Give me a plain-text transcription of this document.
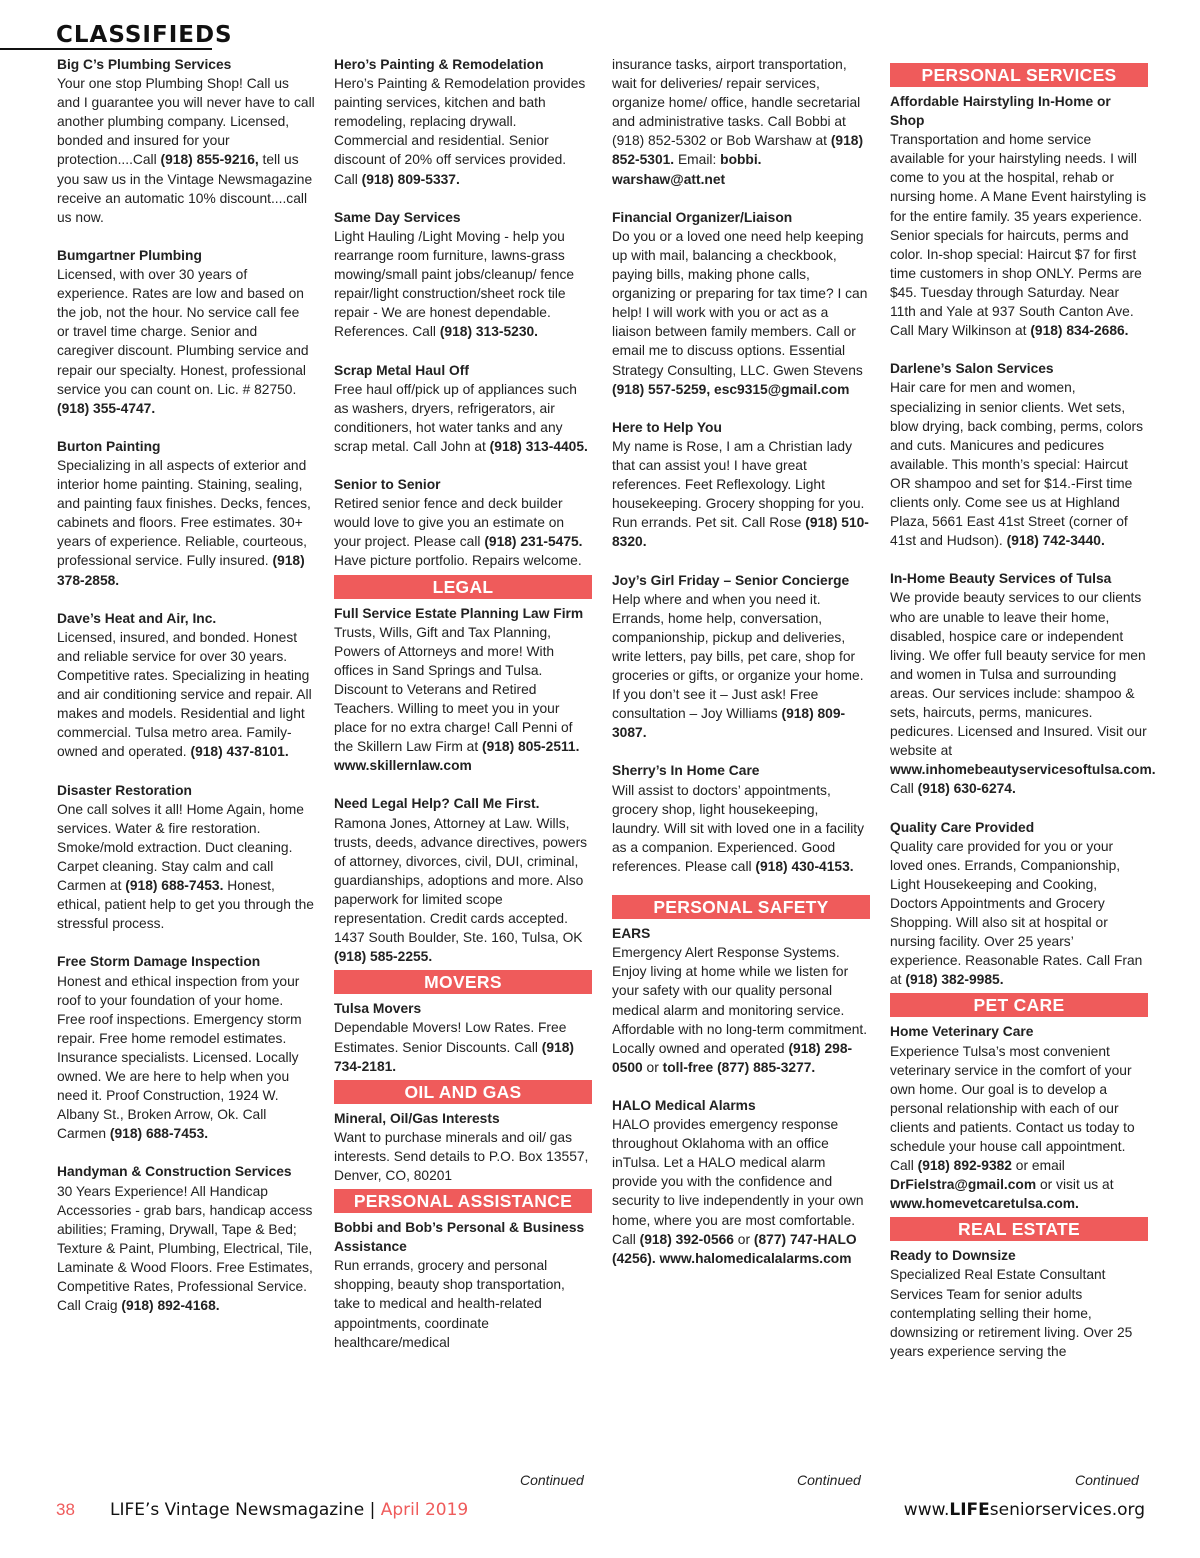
CLASSIFIEDS

Big C’s Plumbing Services

Your one stop Plumbing Shop! Call us and I guarantee you will never have to call another plumbing company. Licensed, bonded and insured for your protection....Call (918) 855-9216, tell us you saw us in the Vintage Newsmagazine receive an automatic 10% discount....call us now.

Bumgartner Plumbing

Licensed, with over 30 years of experience. Rates are low and based on the job, not the hour. No service call fee or travel time charge. Senior and caregiver discount. Plumbing service and repair our specialty. Honest, professional service you can count on. Lic. # 82750. (918) 355-4747.

Burton Painting

Specializing in all aspects of exterior and interior home painting. Staining, sealing, and painting faux finishes. Decks, fences, cabinets and floors. Free estimates. 30+ years of experience. Reliable, courteous, professional service. Fully insured. (918) 378-2858.

Dave’s Heat and Air, Inc.

Licensed, insured, and bonded. Honest and reliable service for over 30 years. Competitive rates. Specializing in heating and air conditioning service and repair. All makes and models. Residential and light commercial. Tulsa metro area. Family-owned and operated. (918) 437-8101.

Disaster Restoration

One call solves it all! Home Again, home services. Water & fire restoration. Smoke/mold extraction. Duct cleaning. Carpet cleaning. Stay calm and call Carmen at (918) 688-7453. Honest, ethical, patient help to get you through the stressful process.

Free Storm Damage Inspection

Honest and ethical inspection from your roof to your foundation of your home. Free roof inspections. Emergency storm repair. Free home remodel estimates. Insurance specialists. Licensed. Locally owned. We are here to help when you need it. Proof Construction, 1924 W. Albany St., Broken Arrow, Ok. Call Carmen (918) 688-7453.

Handyman & Construction Services

30 Years Experience! All Handicap Accessories - grab bars, handicap access abilities; Framing, Drywall, Tape & Bed; Texture & Paint, Plumbing, Electrical, Tile, Laminate & Wood Floors. Free Estimates, Competitive Rates, Professional Service. Call Craig (918) 892-4168.

Hero’s Painting & Remodelation

Hero’s Painting & Remodelation provides painting services, kitchen and bath remodeling, replacing drywall. Commercial and residential. Senior discount of 20% off services provided. Call (918) 809-5337.

Same Day Services

Light Hauling /Light Moving - help you rearrange room furniture, lawns-grass mowing/small paint jobs/cleanup/ fence repair/light construction/sheet rock tile repair - We are honest dependable. References. Call (918) 313-5230.

Scrap Metal Haul Off

Free haul off/pick up of appliances such as washers, dryers, refrigerators, air conditioners, hot water tanks and any scrap metal. Call John at (918) 313-4405.

Senior to Senior

Retired senior fence and deck builder would love to give you an estimate on your project. Please call (918) 231-5475. Have picture portfolio. Repairs welcome.

LEGAL

Full Service Estate Planning Law Firm

Trusts, Wills, Gift and Tax Planning, Powers of Attorneys and more! With offices in Sand Springs and Tulsa. Discount to Veterans and Retired Teachers. Willing to meet you in your place for no extra charge! Call Penni of the Skillern Law Firm at (918) 805-2511. www.skillernlaw.com

Need Legal Help? Call Me First.

Ramona Jones, Attorney at Law. Wills, trusts, deeds, advance directives, powers of attorney, divorces, civil, DUI, criminal, guardianships, adoptions and more. Also paperwork for limited scope representation. Credit cards accepted. 1437 South Boulder, Ste. 160, Tulsa, OK (918) 585-2255.

MOVERS

Tulsa Movers

Dependable Movers! Low Rates. Free Estimates. Senior Discounts. Call (918) 734-2181.

OIL AND GAS

Mineral, Oil/Gas Interests

Want to purchase minerals and oil/ gas interests. Send details to P.O. Box 13557, Denver, CO, 80201

PERSONAL ASSISTANCE

Bobbi and Bob’s Personal & Business Assistance

Run errands, grocery and personal shopping, beauty shop transportation, take to medical and health-related appointments, coordinate healthcare/medical

insurance tasks, airport transportation, wait for deliveries/ repair services, organize home/ office, handle secretarial and administrative tasks. Call Bobbi at (918) 852-5302 or Bob Warshaw at (918) 852-5301. Email: bobbi. warshaw@att.net

Financial Organizer/Liaison

Do you or a loved one need help keeping up with mail, balancing a checkbook, paying bills, making phone calls, organizing or preparing for tax time? I can help! I will work with you or act as a liaison between family members. Call or email me to discuss options. Essential Strategy Consulting, LLC. Gwen Stevens (918) 557-5259, esc9315@gmail.com

Here to Help You

My name is Rose, I am a Christian lady that can assist you! I have great references. Feet Reflexology. Light housekeeping. Grocery shopping for you. Run errands. Pet sit. Call Rose (918) 510-8320.

Joy’s Girl Friday – Senior Concierge

Help where and when you need it. Errands, home help, conversation, companionship, pickup and deliveries, write letters, pay bills, pet care, shop for groceries or gifts, or organize your home. If you don’t see it – Just ask! Free consultation – Joy Williams (918) 809-3087.

Sherry’s In Home Care

Will assist to doctors’ appointments, grocery shop, light housekeeping, laundry. Will sit with loved one in a facility as a companion. Experienced. Good references. Please call (918) 430-4153.

PERSONAL SAFETY

EARS

Emergency Alert Response Systems. Enjoy living at home while we listen for your safety with our quality personal medical alarm and monitoring service. Affordable with no long-term commitment. Locally owned and operated (918) 298-0500 or toll-free (877) 885-3277.

HALO Medical Alarms

HALO provides emergency response throughout Oklahoma with an office inTulsa. Let a HALO medical alarm provide you with the confidence and security to live independently in your own home, where you are most comfortable. Call (918) 392-0566 or (877) 747-HALO (4256). www.halomedicalalarms.com

PERSONAL SERVICES

Affordable Hairstyling In-Home or Shop

Transportation and home service available for your hairstyling needs. I will come to you at the hospital, rehab or nursing home. A Mane Event hairstyling is for the entire family. 35 years experience. Senior specials for haircuts, perms and color. In-shop special: Haircut $7 for first time customers in shop ONLY. Perms are $45. Tuesday through Saturday. Near 11th and Yale at 937 South Canton Ave. Call Mary Wilkinson at (918) 834-2686.

Darlene’s Salon Services

Hair care for men and women, specializing in senior clients. Wet sets, blow drying, back combing, perms, colors and cuts. Manicures and pedicures available. This month’s special: Haircut OR shampoo and set for $14.-First time clients only. Come see us at Highland Plaza, 5661 East 41st Street (corner of 41st and Hudson). (918) 742-3440.

In-Home Beauty Services of Tulsa

We provide beauty services to our clients who are unable to leave their home, disabled, hospice care or independent living. We offer full beauty service for men and women in Tulsa and surrounding areas. Our services include: shampoo & sets, haircuts, perms, manicures. pedicures. Licensed and Insured. Visit our website at www.inhomebeautyservicesoftulsa.com. Call (918) 630-6274.

Quality Care Provided

Quality care provided for you or your loved ones. Errands, Companionship, Light Housekeeping and Cooking, Doctors Appointments and Grocery Shopping. Will also sit at hospital or nursing facility. Over 25 years’ experience. Reasonable Rates. Call Fran at (918) 382-9985.

PET CARE

Home Veterinary Care

Experience Tulsa’s most convenient veterinary service in the comfort of your own home. Our goal is to develop a personal relationship with each of our clients and patients. Contact us today to schedule your house call appointment. Call (918) 892-9382 or email DrFielstra@gmail.com or visit us at www.homevetcaretulsa.com.

REAL ESTATE

Ready to Downsize

Specialized Real Estate Consultant Services Team for senior adults contemplating selling their home, downsizing or retirement living. Over 25 years experience serving the

Continued	Continued	Continued
38 LIFE’s Vintage Newsmagazine | April 2019	www.LIFEseniorservices.org
